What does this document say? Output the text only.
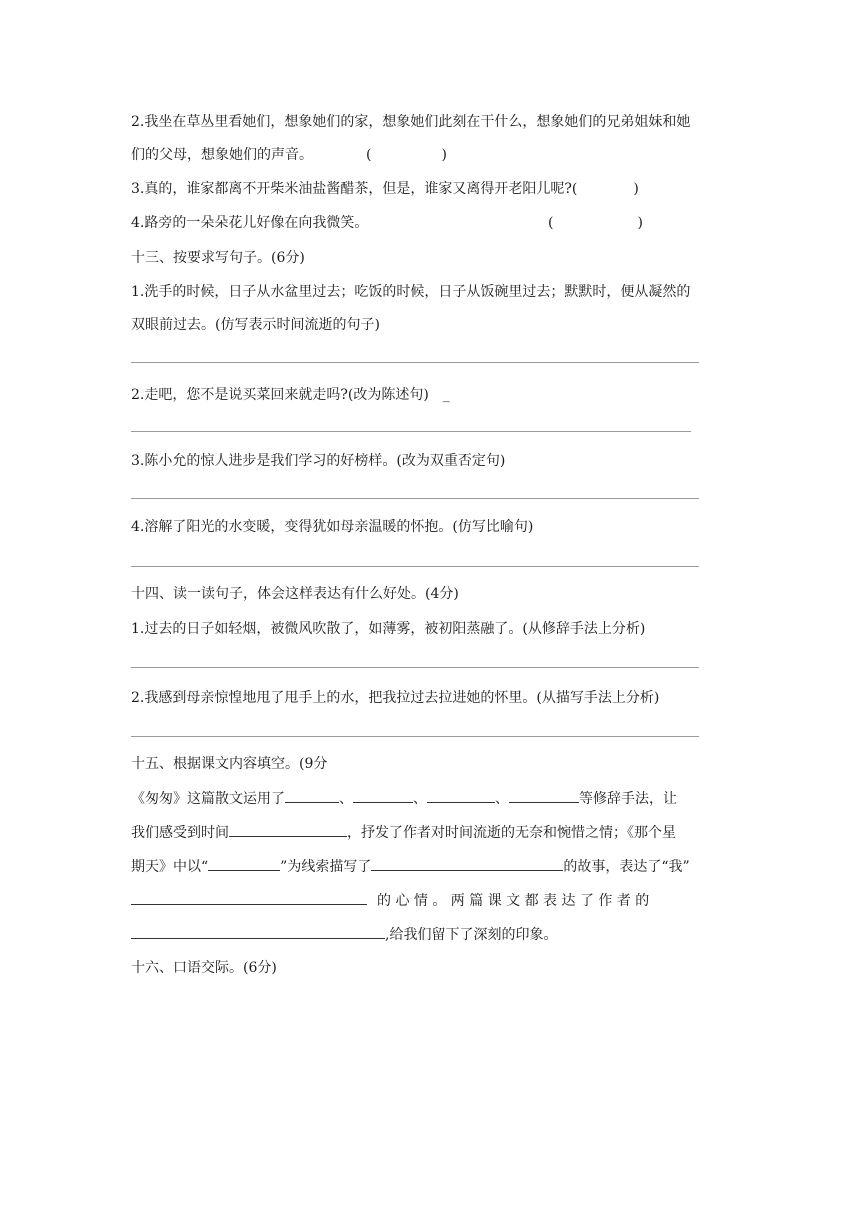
2.我坐在草丛里看她们，想象她们的家，想象她们此刻在干什么，想象她们的兄弟姐妹和她
们的父母，想象她们的声音。	(　　　　　)
3.真的，谁家都离不开柴米油盐酱醋茶，但是，谁家又离得开老阳儿呢?(　　　　)
4.路旁的一朵朵花儿好像在向我微笑。	(　　　　　　)
十三、按要求写句子。(6分)
1.洗手的时候，日子从水盆里过去；吃饭的时候，日子从饭碗里过去；默默时，便从凝然的
双眼前过去。(仿写表示时间流逝的句子)
2.走吧，您不是说买菜回来就走吗?(改为陈述句)　_
3.陈小允的惊人进步是我们学习的好榜样。(改为双重否定句)
4.溶解了阳光的水变暖，变得犹如母亲温暖的怀抱。(仿写比喻句)
十四、读一读句子，体会这样表达有什么好处。(4分)
1.过去的日子如轻烟，被微风吹散了，如薄雾，被初阳蒸融了。(从修辞手法上分析)
2.我感到母亲惊惶地甩了甩手上的水，把我拉过去拉进她的怀里。(从描写手法上分析)
十五、根据课文内容填空。(9分
《匆匆》这篇散文运用了	、	、	、	等修辞手法，让
我们感受到时间	，抒发了作者对时间流逝的无奈和惋惜之情；《那个星
期天》中以“	”为线索描写了	的故事，表达了“我”
的 心 情 。 两 篇 课 文 都 表 达 了 作 者 的
,给我们留下了深刻的印象。
十六、口语交际。(6分)
